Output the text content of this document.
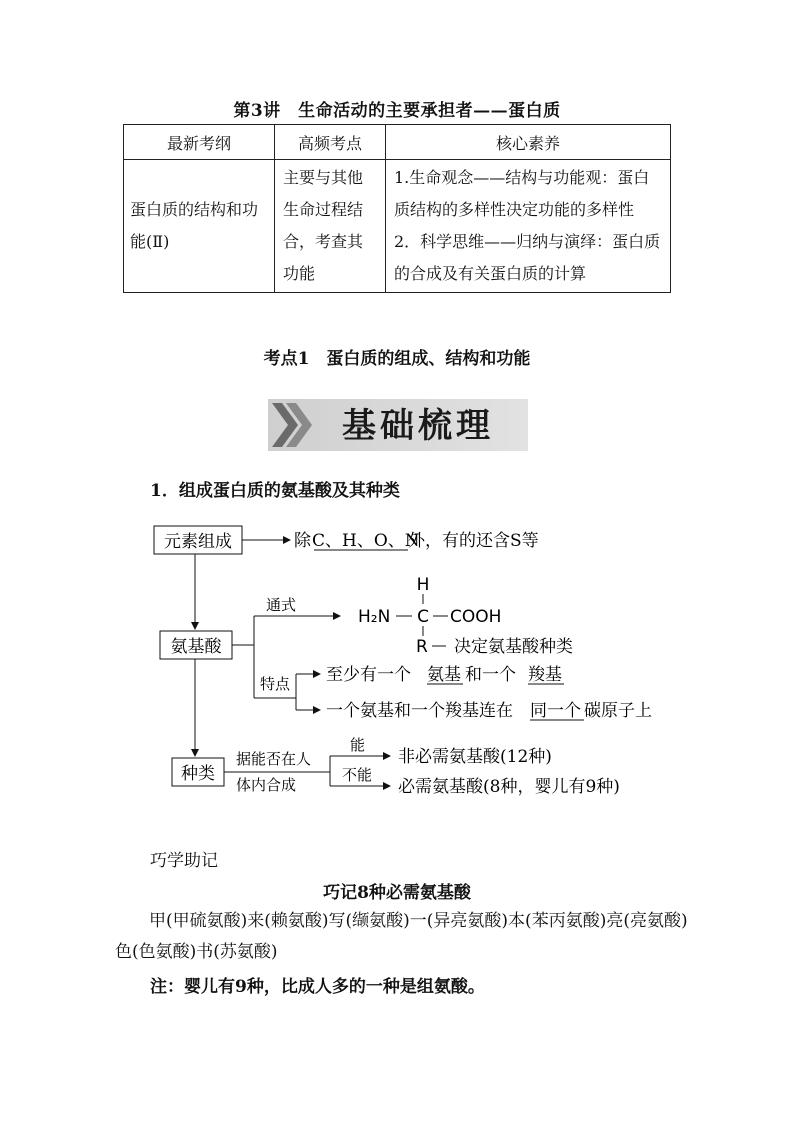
第3讲　生命活动的主要承担者——蛋白质
最新考纲	高频考点	核心素养
蛋白质的结构和功能(Ⅱ)	主要与其他生命过程结合，考查其功能	1.生命观念——结构与功能观：蛋白质结构的多样性决定功能的多样性
2．科学思维——归纳与演绎：蛋白质的合成及有关蛋白质的计算
考点1　蛋白质的组成、结构和功能
基础梳理
1．组成蛋白质的氨基酸及其种类
元素组成
氨基酸
种类
除 C、H、O、N
外，有的还含S等
通式
H
H₂N C COOH
R 决定氨基酸种类
特点 至少有一个 氨基 和一个 羧基
一个氨基和一个羧基连在 同一个 碳原子上
据能否在人
体内合成
能
不能
非必需氨基酸(12种)
必需氨基酸(8种，婴儿有9种)
巧学助记
巧记8种必需氨基酸
甲(甲硫氨酸)来(赖氨酸)写(缬氨酸)一(异亮氨酸)本(苯丙氨酸)亮(亮氨酸)色(色氨酸)书(苏氨酸)
注：婴儿有9种，比成人多的一种是组氨酸。
